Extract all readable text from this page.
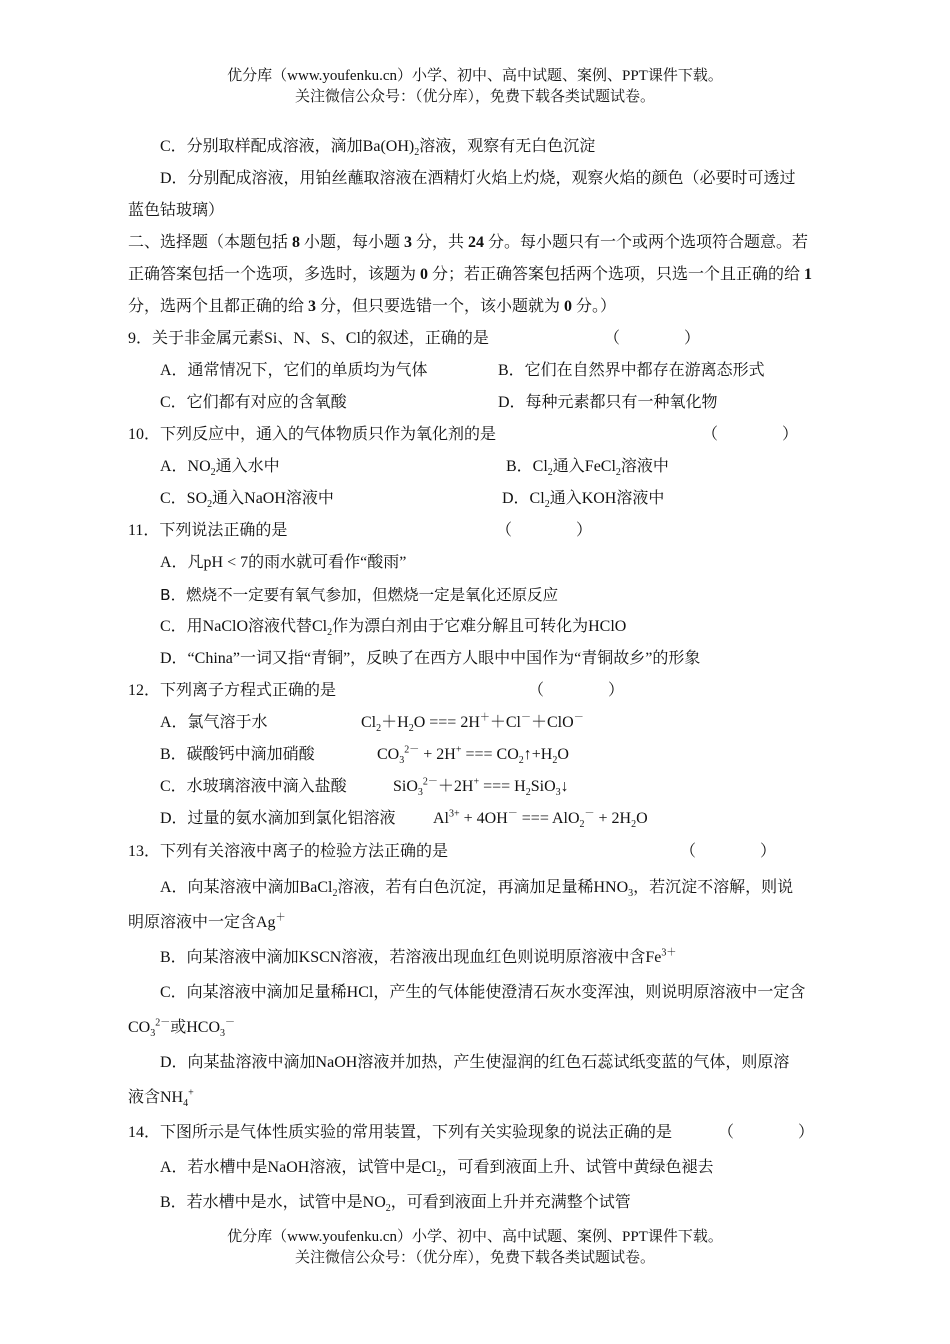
优分库（www.youfenku.cn）小学、初中、高中试题、案例、PPT课件下载。
关注微信公众号：（优分库），免费下载各类试题试卷。
C．分别取样配成溶液，滴加$Ba(OH)_2$溶液，观察有无白色沉淀
D．分别配成溶液，用铂丝蘸取溶液在酒精灯火焰上灼烧，观察火焰的颜色（必要时可透过
蓝色钴玻璃）
二、选择题（本题包括 8 小题，每小题 3 分，共 24 分。每小题只有一个或两个选项符合题意。若
正确答案包括一个选项，多选时，该题为 0 分；若正确答案包括两个选项，只选一个且正确的给 1
分，选两个且都正确的给 3 分，但只要选错一个，该小题就为 0 分。）
9．关于非金属元素Si、N、S、Cl的叙述，正确的是	（　　　　）
A．通常情况下，它们的单质均为气体	B．它们在自然界中都存在游离态形式
C．它们都有对应的含氧酸	D．每种元素都只有一种氧化物
10．下列反应中，通入的气体物质只作为氧化剂的是	（　　　　）
A．$NO_2$通入水中	B．$Cl_2$通入FeCl$_2$溶液中
C．$SO_2$通入NaOH溶液中	D．$Cl_2$通入KOH溶液中
11．下列说法正确的是	（　　　　）
A．凡pH < 7的雨水就可看作“酸雨”
B．燃烧不一定要有氧气参加，但燃烧一定是氧化还原反应
C．用NaClO溶液代替$Cl_2$作为漂白剂由于它难分解且可转化为HClO
D．“China”一词又指“青铜”，反映了在西方人眼中中国作为“青铜故乡”的形象
12．下列离子方程式正确的是	（　　　　）
A．氯气溶于水	$Cl_2+H_2O$ === 2H＋＋Cl－＋ClO－
B．碳酸钙中滴加硝酸	$CO_3^{2-} + 2H^+$ === $CO_2↑+H_2O$
C．水玻璃溶液中滴入盐酸	SiO$_3^{2-}$＋2H+ === $H_2SiO_3↓$
D．过量的氨水滴加到氯化铝溶液 $Al^{3+} + 4OH^-$ === $AlO_2^- + 2H_2O$
13．下列有关溶液中离子的检验方法正确的是	（　　　　）
A．向某溶液中滴加BaCl$_2$溶液，若有白色沉淀，再滴加足量稀$HNO_3$，若沉淀不溶解，则说
明原溶液中一定含Ag＋
B．向某溶液中滴加KSCN溶液，若溶液出现血红色则说明原溶液中含$Fe^{3+}$
C．向某溶液中滴加足量稀HCl，产生的气体能使澄清石灰水变浑浊，则说明原溶液中一定含
$CO_3^{2-}$或$HCO_3^-$
D．向某盐溶液中滴加NaOH溶液并加热，产生使湿润的红色石蕊试纸变蓝的气体，则原溶
液含$NH_4^+$
14．下图所示是气体性质实验的常用装置，下列有关实验现象的说法正确的是	（　　　　）
A．若水槽中是NaOH溶液，试管中是$Cl_2$，可看到液面上升、试管中黄绿色褪去
B．若水槽中是水，试管中是$NO_2$，可看到液面上升并充满整个试管
优分库（www.youfenku.cn）小学、初中、高中试题、案例、PPT课件下载。
关注微信公众号：（优分库），免费下载各类试题试卷。
